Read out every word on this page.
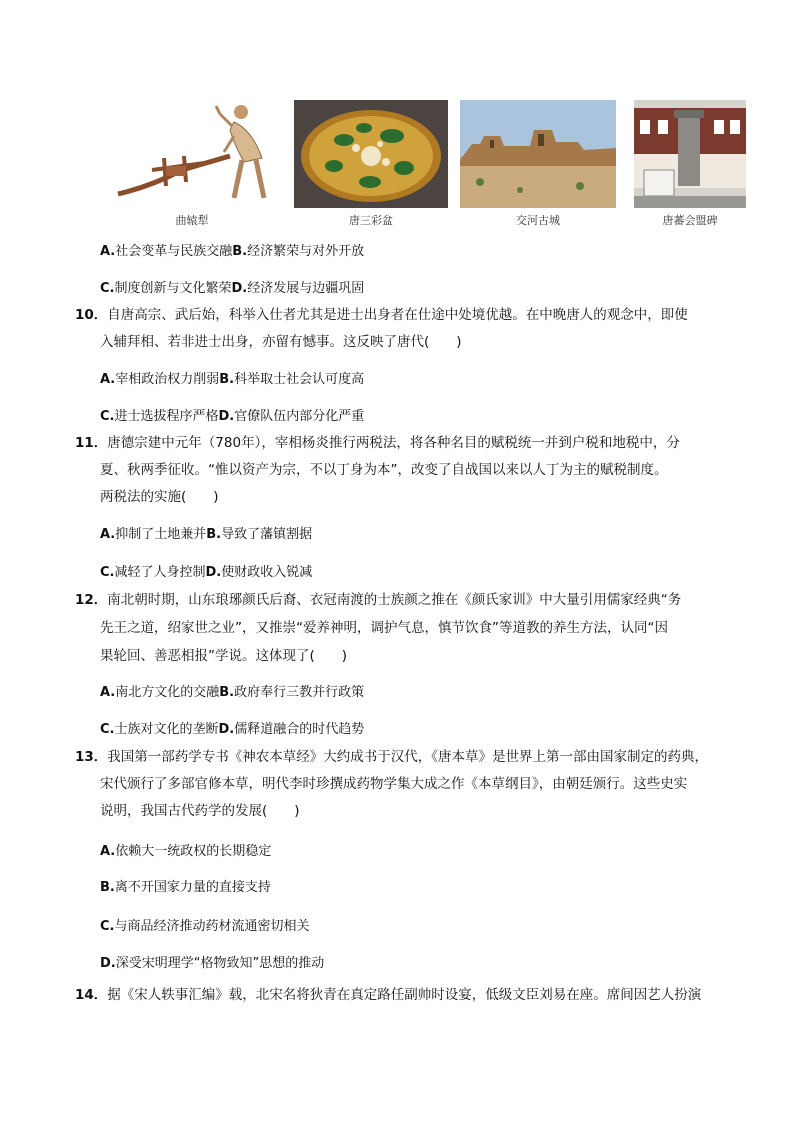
曲辕犁	唐三彩盆	交河古城	唐蕃会盟碑
A.社会变革与民族交融B.经济繁荣与对外开放
C.制度创新与文化繁荣D.经济发展与边疆巩固
10．自唐高宗、武后始，科举入仕者尤其是进士出身者在仕途中处境优越。在中晚唐人的观念中，即使
入辅拜相、若非进士出身，亦留有憾事。这反映了唐代(　　)
A.宰相政治权力削弱B.科举取士社会认可度高
C.进士选拔程序严格D.官僚队伍内部分化严重
11．唐德宗建中元年（780年），宰相杨炎推行两税法，将各种名目的赋税统一并到户税和地税中，分
夏、秋两季征收。“惟以资产为宗，不以丁身为本”，改变了自战国以来以人丁为主的赋税制度。
两税法的实施(　　)
A.抑制了土地兼并B.导致了藩镇割据
C.减轻了人身控制D.使财政收入锐减
12．南北朝时期，山东琅琊颜氏后裔、衣冠南渡的士族颜之推在《颜氏家训》中大量引用儒家经典“务
先王之道，绍家世之业”，又推崇“爱养神明，调护气息，慎节饮食”等道教的养生方法，认同“因
果轮回、善恶相报”学说。这体现了(　　)
A.南北方文化的交融B.政府奉行三教并行政策
C.士族对文化的垄断D.儒释道融合的时代趋势
13．我国第一部药学专书《神农本草经》大约成书于汉代，《唐本草》是世界上第一部由国家制定的药典，
宋代颁行了多部官修本草，明代李时珍撰成药物学集大成之作《本草纲目》，由朝廷颁行。这些史实
说明，我国古代药学的发展(　　)
A.依赖大一统政权的长期稳定
B.离不开国家力量的直接支持
C.与商品经济推动药材流通密切相关
D.深受宋明理学“格物致知”思想的推动
14．据《宋人轶事汇编》载，北宋名将狄青在真定路任副帅时设宴，低级文臣刘易在座。席间因艺人扮演
